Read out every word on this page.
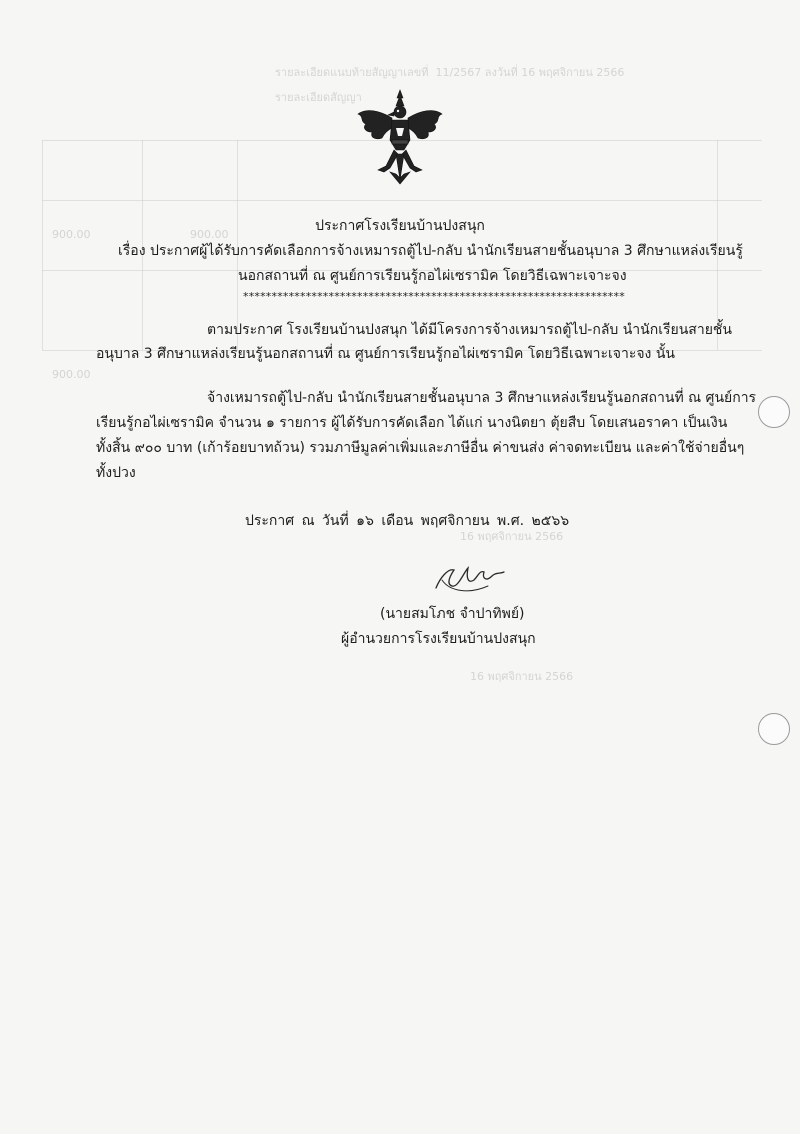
รายละเอียดแนบท้ายสัญญาเลขที่ 11/2567 ลงวันที่ 16 พฤศจิกายน 2566
รายละเอียดสัญญา
900.00	900.00
900.00
16 พฤศจิกายน 2566
16 พฤศจิกายน 2566
ประกาศโรงเรียนบ้านปงสนุก
เรื่อง ประกาศผู้ได้รับการคัดเลือกการจ้างเหมารถตู้ไป-กลับ นำนักเรียนสายชั้นอนุบาล 3 ศึกษาแหล่งเรียนรู้
นอกสถานที่ ณ ศูนย์การเรียนรู้กอไผ่เซรามิค โดยวิธีเฉพาะเจาะจง
*******************************************************************
ตามประกาศ โรงเรียนบ้านปงสนุก ได้มีโครงการจ้างเหมารถตู้ไป-กลับ นำนักเรียนสายชั้น
อนุบาล 3 ศึกษาแหล่งเรียนรู้นอกสถานที่ ณ ศูนย์การเรียนรู้กอไผ่เซรามิค โดยวิธีเฉพาะเจาะจง นั้น
จ้างเหมารถตู้ไป-กลับ นำนักเรียนสายชั้นอนุบาล 3 ศึกษาแหล่งเรียนรู้นอกสถานที่ ณ ศูนย์การ
เรียนรู้กอไผ่เซรามิค จำนวน ๑ รายการ ผู้ได้รับการคัดเลือก ได้แก่ นางนิตยา ตุ้ยสืบ โดยเสนอราคา เป็นเงิน
ทั้งสิ้น ๙๐๐ บาท (เก้าร้อยบาทถ้วน) รวมภาษีมูลค่าเพิ่มและภาษีอื่น ค่าขนส่ง ค่าจดทะเบียน และค่าใช้จ่ายอื่นๆ
ทั้งปวง
ประกาศ ณ วันที่ ๑๖ เดือน พฤศจิกายน พ.ศ. ๒๕๖๖
(นายสมโภช จำปาทิพย์)
ผู้อำนวยการโรงเรียนบ้านปงสนุก
